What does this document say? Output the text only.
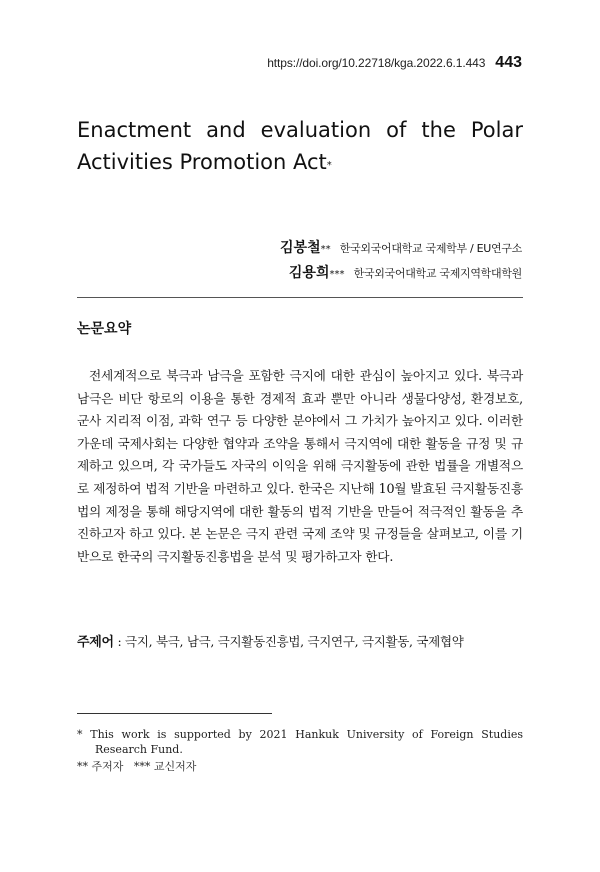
https://doi.org/10.22718/kga.2022.6.1.443 443
Enactment and evaluation of the Polar
Activities Promotion Act*
김봉철** 한국외국어대학교 국제학부 / EU연구소
김용희*** 한국외국어대학교 국제지역학대학원
논문요약

전세계적으로 북극과 남극을 포함한 극지에 대한 관심이 높아지고 있다. 북극과 남극은 비단 항로의 이용을 통한 경제적 효과 뿐만 아니라 생물다양성, 환경보호, 군사 지리적 이점, 과학 연구 등 다양한 분야에서 그 가치가 높아지고 있다. 이러한 가운데 국제사회는 다양한 협약과 조약을 통해서 극지역에 대한 활동을 규정 및 규제하고 있으며, 각 국가들도 자국의 이익을 위해 극지활동에 관한 법률을 개별적으로 제정하여 법적 기반을 마련하고 있다. 한국은 지난해 10월 발효된 극지활동진흥법의 제정을 통해 해당지역에 대한 활동의 법적 기반을 만들어 적극적인 활동을 추진하고자 하고 있다. 본 논문은 극지 관련 국제 조약 및 규정들을 살펴보고, 이를 기반으로 한국의 극지활동진흥법을 분석 및 평가하고자 한다.

주제어 : 극지, 북극, 남극, 극지활동진흥법, 극지연구, 극지활동, 국제협약
* This work is supported by 2021 Hankuk University of Foreign Studies
Research Fund.
** 주저자   *** 교신저자
